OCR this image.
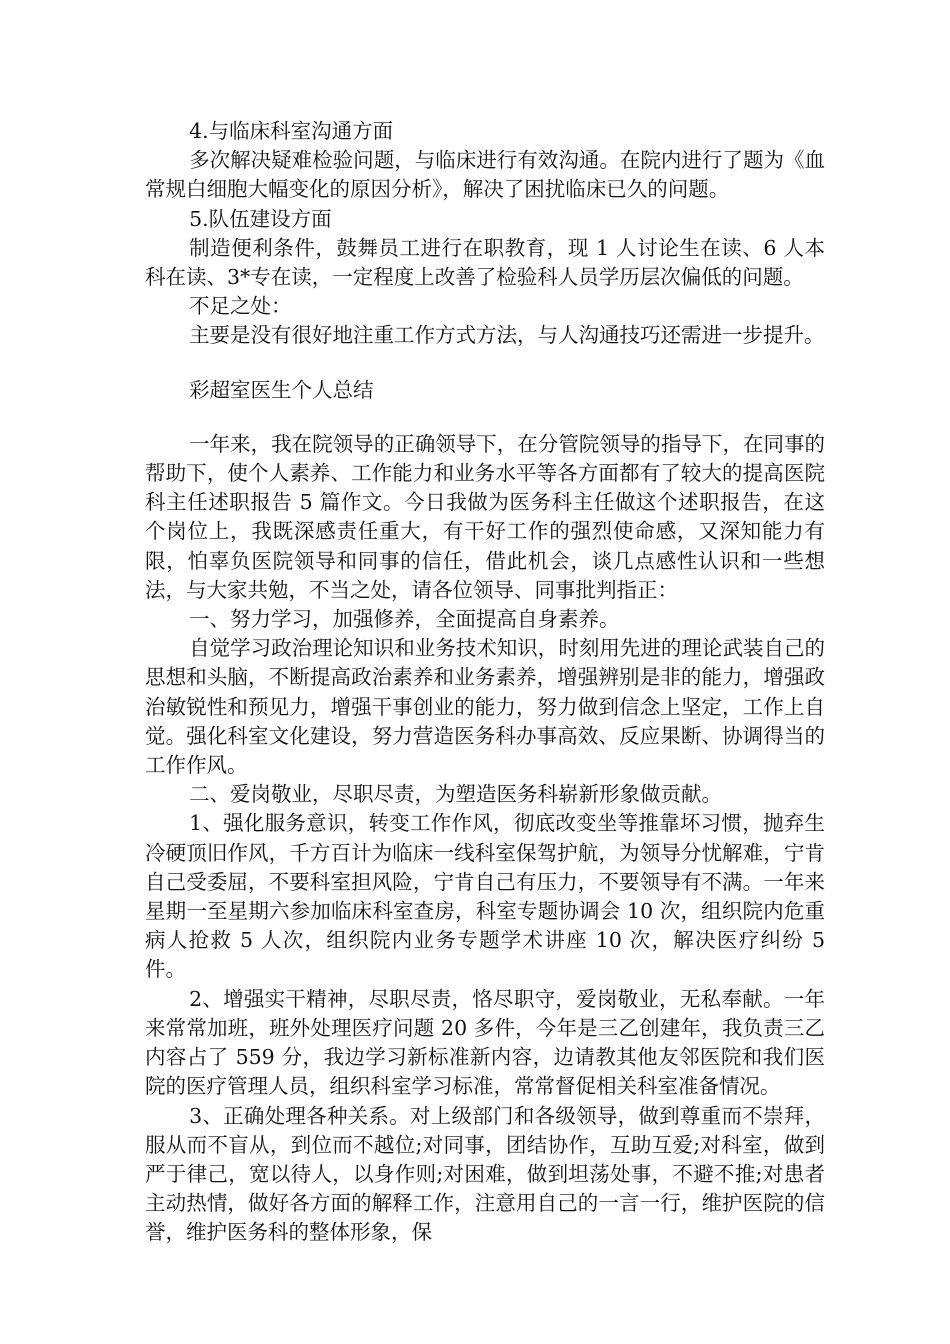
4.与临床科室沟通方面

多次解决疑难检验问题，与临床进行有效沟通。在院内进行了题为《血常规白细胞大幅变化的原因分析》，解决了困扰临床已久的问题。

5.队伍建设方面

制造便利条件，鼓舞员工进行在职教育，现 1 人讨论生在读、6 人本科在读、3*专在读，一定程度上改善了检验科人员学历层次偏低的问题。

不足之处：

主要是没有很好地注重工作方式方法，与人沟通技巧还需进一步提升。

彩超室医生个人总结

一年来，我在院领导的正确领导下，在分管院领导的指导下，在同事的帮助下，使个人素养、工作能力和业务水平等各方面都有了较大的提高医院科主任述职报告 5 篇作文。今日我做为医务科主任做这个述职报告，在这个岗位上，我既深感责任重大，有干好工作的强烈使命感，又深知能力有限，怕辜负医院领导和同事的信任，借此机会，谈几点感性认识和一些想法，与大家共勉，不当之处，请各位领导、同事批判指正：

一、努力学习，加强修养，全面提高自身素养。

自觉学习政治理论知识和业务技术知识，时刻用先进的理论武装自己的思想和头脑，不断提高政治素养和业务素养，增强辨别是非的能力，增强政治敏锐性和预见力，增强干事创业的能力，努力做到信念上坚定，工作上自觉。强化科室文化建设，努力营造医务科办事高效、反应果断、协调得当的工作作风。

二、爱岗敬业，尽职尽责，为塑造医务科崭新形象做贡献。

1、强化服务意识，转变工作作风，彻底改变坐等推靠坏习惯，抛弃生冷硬顶旧作风，千方百计为临床一线科室保驾护航，为领导分忧解难，宁肯自己受委屈，不要科室担风险，宁肯自己有压力，不要领导有不满。一年来星期一至星期六参加临床科室查房，科室专题协调会 10 次，组织院内危重病人抢救 5 人次，组织院内业务专题学术讲座 10 次，解决医疗纠纷 5 件。

2、增强实干精神，尽职尽责，恪尽职守，爱岗敬业，无私奉献。一年来常常加班，班外处理医疗问题 20 多件，今年是三乙创建年，我负责三乙内容占了 559 分，我边学习新标准新内容，边请教其他友邻医院和我们医院的医疗管理人员，组织科室学习标准，常常督促相关科室准备情况。

3、正确处理各种关系。对上级部门和各级领导，做到尊重而不崇拜，服从而不盲从，到位而不越位;对同事，团结协作，互助互爱;对科室，做到严于律己，宽以待人，以身作则;对困难，做到坦荡处事，不避不推;对患者主动热情，做好各方面的解释工作，注意用自己的一言一行，维护医院的信誉，维护医务科的整体形象，保
